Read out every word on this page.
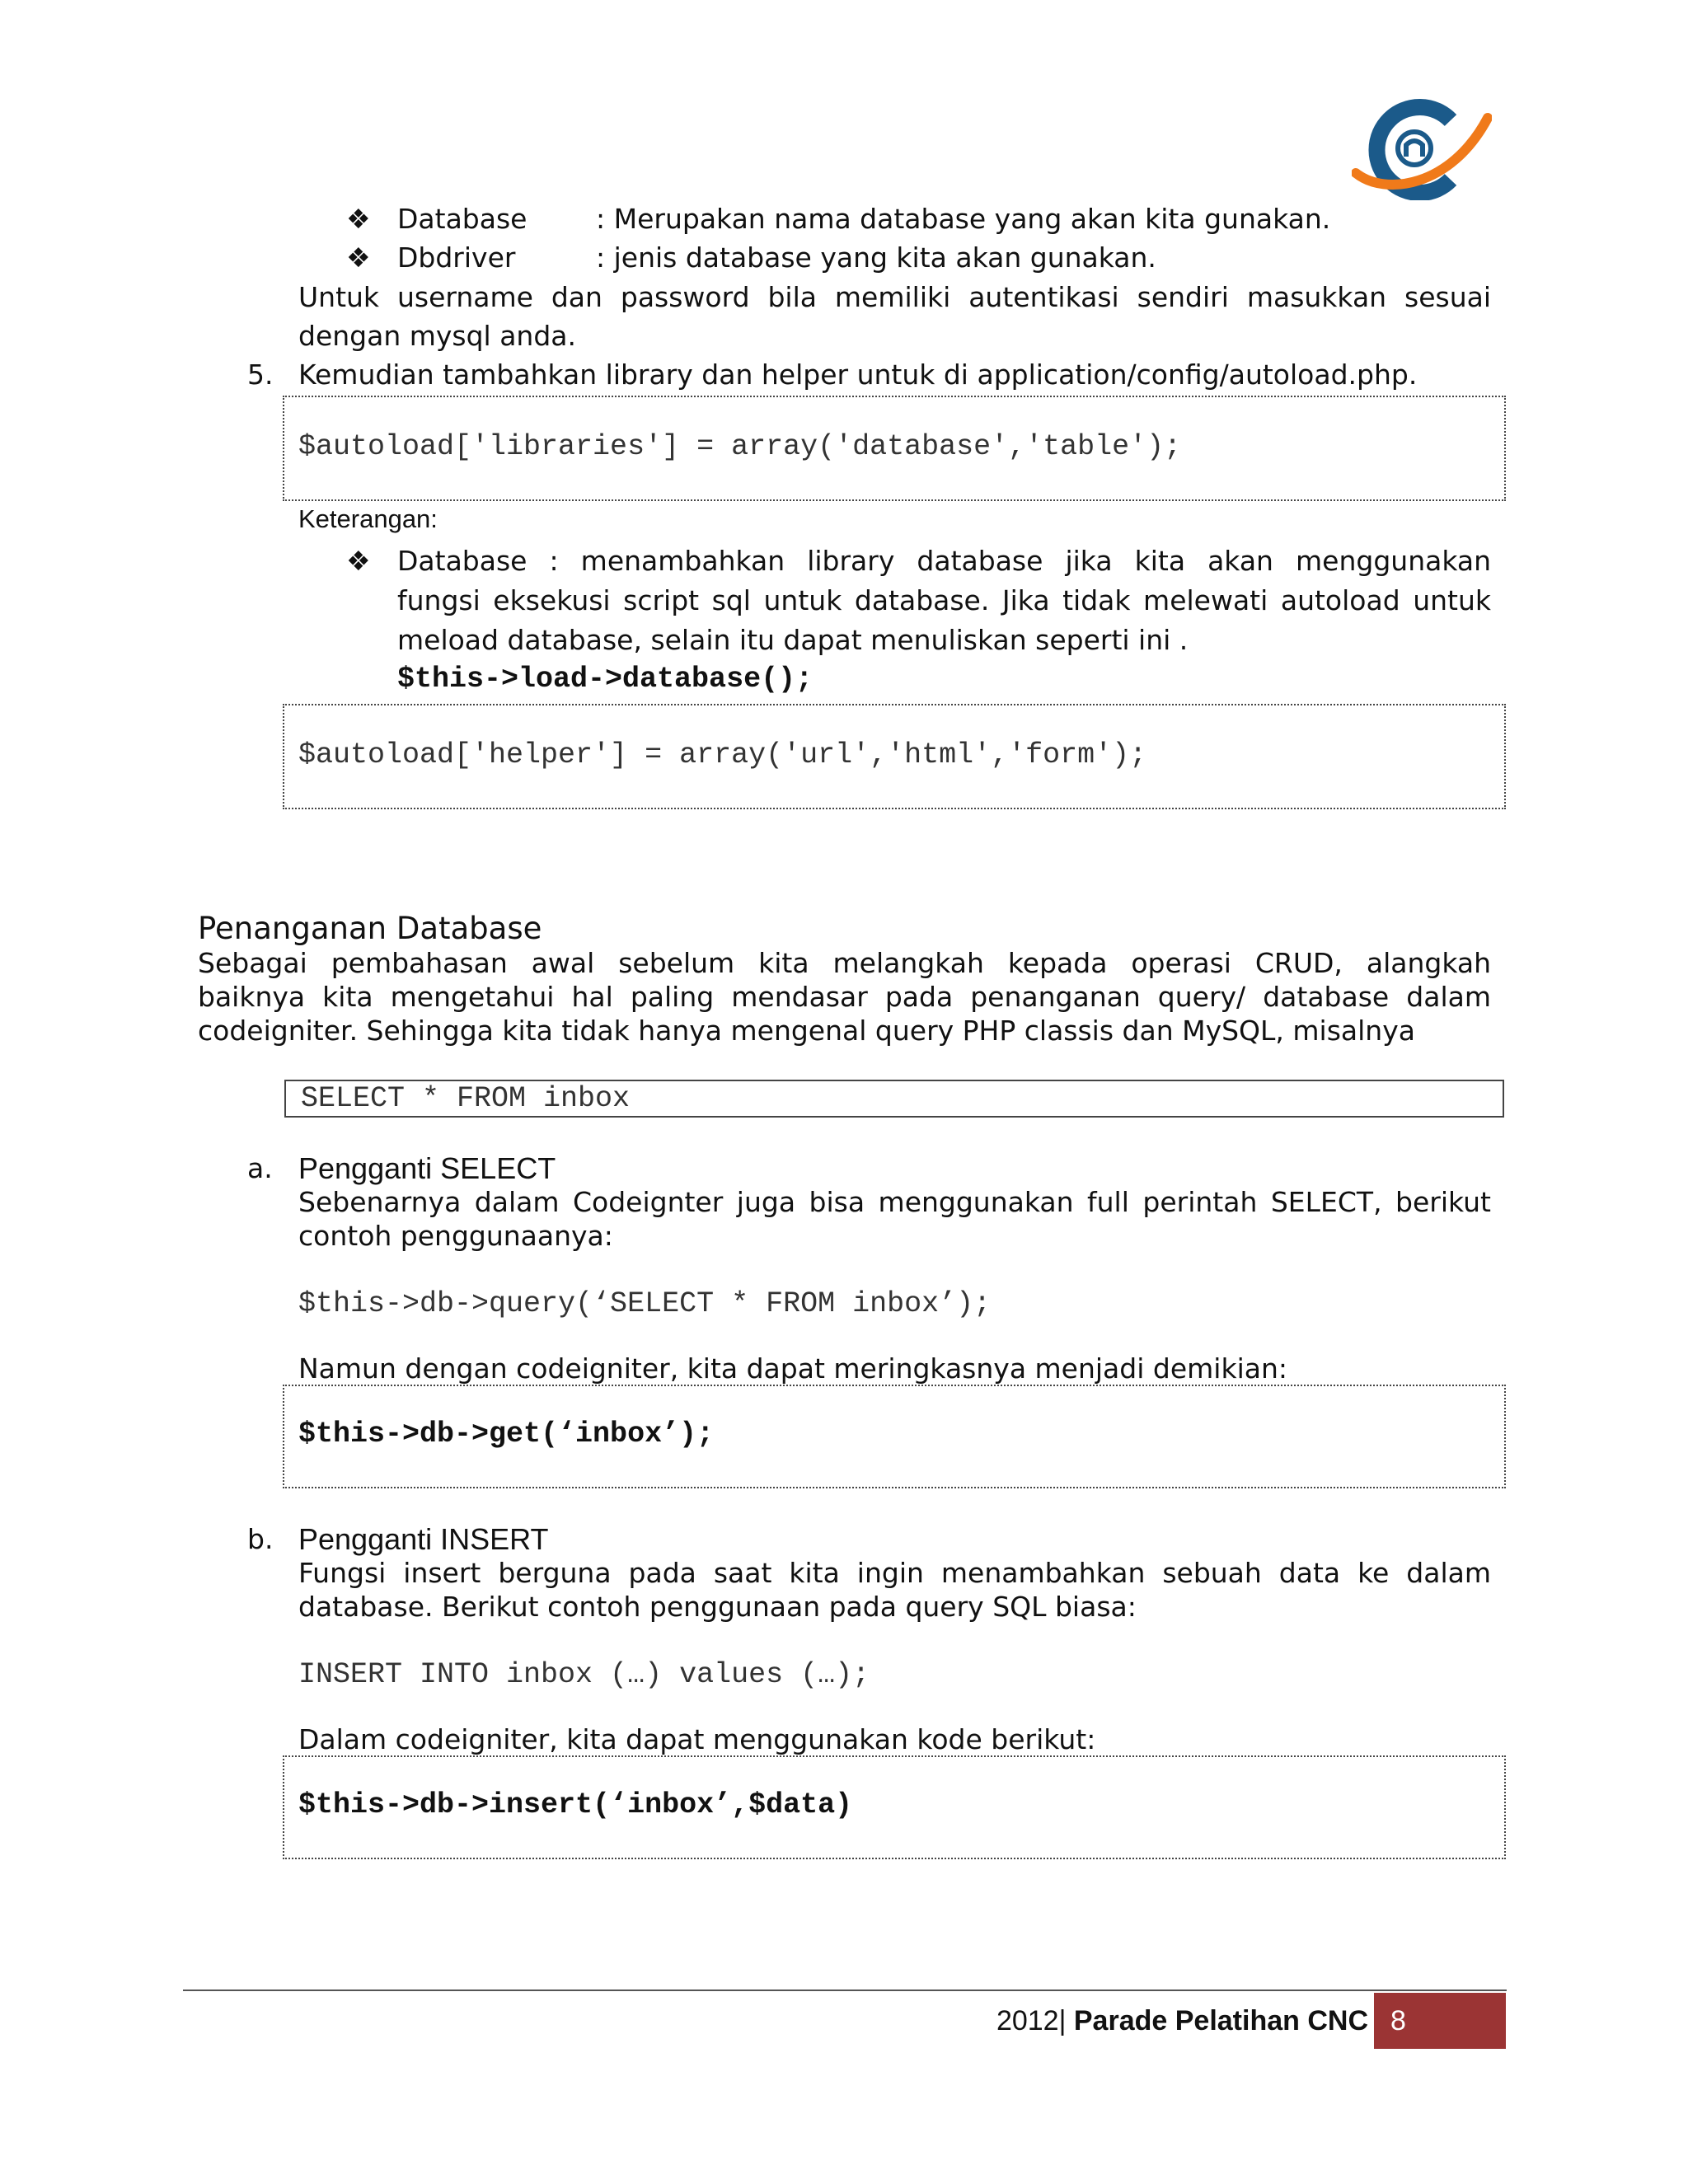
❖ Database	: Merupakan nama database yang akan kita gunakan.
❖ Dbdriver	: jenis database yang kita akan gunakan.
Untuk username dan password bila memiliki autentikasi sendiri masukkan sesuai
dengan mysql anda.
5. Kemudian tambahkan library dan helper untuk di application/config/autoload.php.
$autoload['libraries'] = array('database','table');
Keterangan:
❖ Database : menambahkan library database jika kita akan menggunakan
fungsi eksekusi script sql untuk database. Jika tidak melewati autoload untuk
meload database, selain itu dapat menuliskan seperti ini .
$this->load->database();
$autoload['helper'] = array('url','html','form');
Penanganan Database
Sebagai pembahasan awal sebelum kita melangkah kepada operasi CRUD, alangkah
baiknya kita mengetahui hal paling mendasar pada penanganan query/ database dalam
codeigniter. Sehingga kita tidak hanya mengenal query PHP classis dan MySQL, misalnya
SELECT * FROM inbox
a. Pengganti SELECT
Sebenarnya dalam Codeignter juga bisa menggunakan full perintah SELECT, berikut
contoh penggunaanya:
$this->db->query(‘SELECT * FROM inbox’);
Namun dengan codeigniter, kita dapat meringkasnya menjadi demikian:
$this->db->get(‘inbox’);
b. Pengganti INSERT
Fungsi insert berguna pada saat kita ingin menambahkan sebuah data ke dalam
database. Berikut contoh penggunaan pada query SQL biasa:
INSERT INTO inbox (…) values (…);
Dalam codeigniter, kita dapat menggunakan kode berikut:
$this->db->insert(‘inbox’,$data)
2012| Parade Pelatihan CNC 8
